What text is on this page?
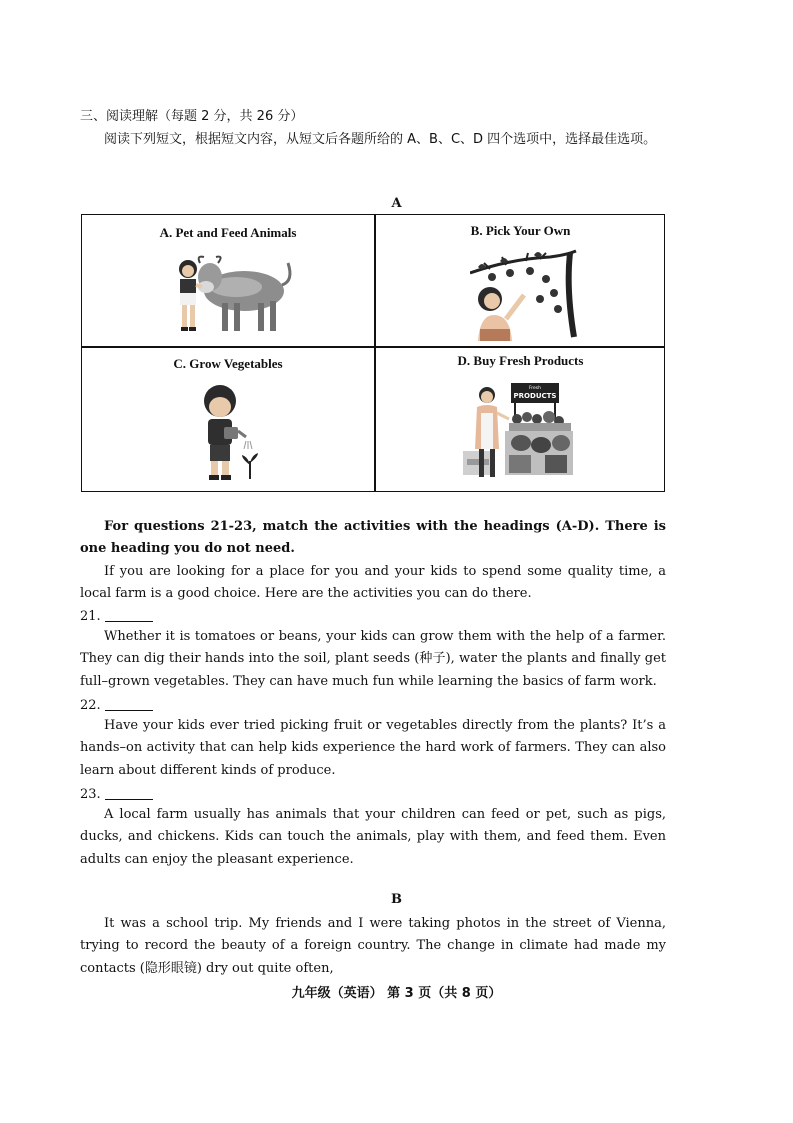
三、阅读理解（每题 2 分，共 26 分）
阅读下列短文，根据短文内容，从短文后各题所给的 A、B、C、D 四个选项中，选择最佳选项。
A
A. Pet and Feed Animals	B. Pick Your Own
C. Grow Vegetables	D. Buy Fresh Products
Fresh
PRODUCTS
For questions 21-23, match the activities with the headings (A-D). There is one heading you do not need.
If you are looking for a place for you and your kids to spend some quality time, a local farm is a good choice. Here are the activities you can do there.
21.
Whether it is tomatoes or beans, your kids can grow them with the help of a farmer. They can dig their hands into the soil, plant seeds (种子), water the plants and finally get full–grown vegetables. They can have much fun while learning the basics of farm work.
22.
Have your kids ever tried picking fruit or vegetables directly from the plants? It’s a hands–on activity that can help kids experience the hard work of farmers. They can also learn about different kinds of produce.
23.
A local farm usually has animals that your children can feed or pet, such as pigs, ducks, and chickens. Kids can touch the animals, play with them, and feed them. Even adults can enjoy the pleasant experience.
B
It was a school trip. My friends and I were taking photos in the street of Vienna, trying to record the beauty of a foreign country. The change in climate had made my contacts (隐形眼镜) dry out quite often,
九年级（英语） 第 3 页（共 8 页）
